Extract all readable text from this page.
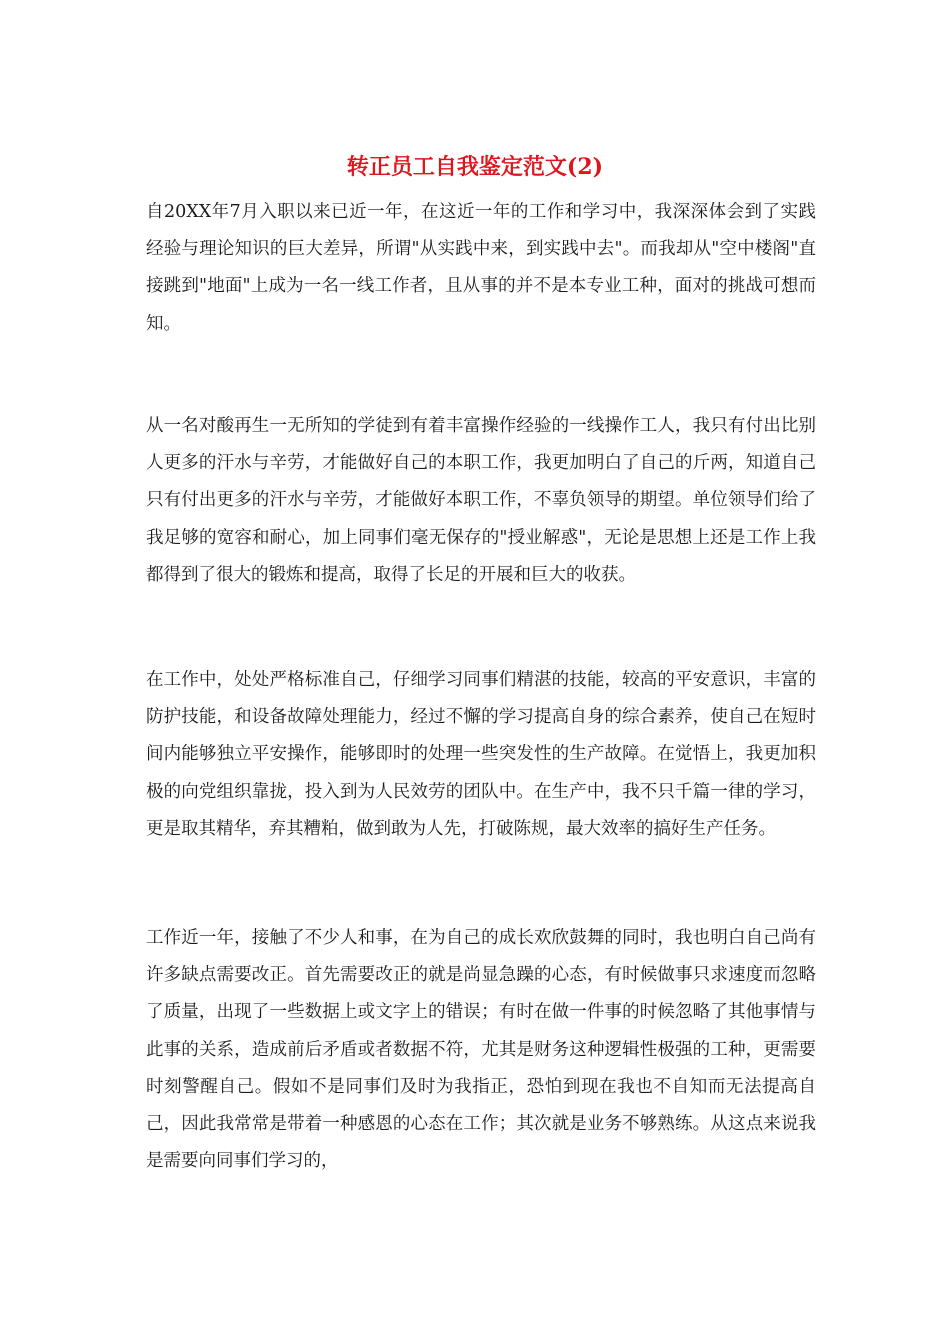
转正员工自我鉴定范文(2)

自20XX年7月入职以来已近一年，在这近一年的工作和学习中，我深深体会到了实践经验与理论知识的巨大差异，所谓"从实践中来，到实践中去"。而我却从"空中楼阁"直接跳到"地面"上成为一名一线工作者，且从事的并不是本专业工种，面对的挑战可想而知。

从一名对酸再生一无所知的学徒到有着丰富操作经验的一线操作工人，我只有付出比别人更多的汗水与辛劳，才能做好自己的本职工作，我更加明白了自己的斤两，知道自己只有付出更多的汗水与辛劳，才能做好本职工作，不辜负领导的期望。单位领导们给了我足够的宽容和耐心，加上同事们毫无保存的"授业解惑"，无论是思想上还是工作上我都得到了很大的锻炼和提高，取得了长足的开展和巨大的收获。

在工作中，处处严格标准自己，仔细学习同事们精湛的技能，较高的平安意识，丰富的防护技能，和设备故障处理能力，经过不懈的学习提高自身的综合素养，使自己在短时间内能够独立平安操作，能够即时的处理一些突发性的生产故障。在觉悟上，我更加积极的向党组织靠拢，投入到为人民效劳的团队中。在生产中，我不只千篇一律的学习，更是取其精华，弃其糟粕，做到敢为人先，打破陈规，最大效率的搞好生产任务。

工作近一年，接触了不少人和事，在为自己的成长欢欣鼓舞的同时，我也明白自己尚有许多缺点需要改正。首先需要改正的就是尚显急躁的心态，有时候做事只求速度而忽略了质量，出现了一些数据上或文字上的错误；有时在做一件事的时候忽略了其他事情与此事的关系，造成前后矛盾或者数据不符，尤其是财务这种逻辑性极强的工种，更需要时刻警醒自己。假如不是同事们及时为我指正，恐怕到现在我也不自知而无法提高自己，因此我常常是带着一种感恩的心态在工作；其次就是业务不够熟练。从这点来说我是需要向同事们学习的，
